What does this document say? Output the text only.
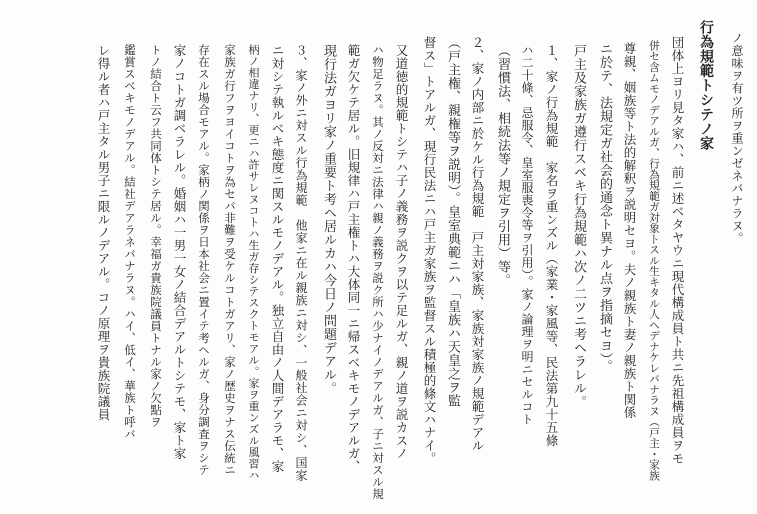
ノ意味ヲ有ツ所ヲ重ンゼネバナラヌ。
行為規範トシテノ家
団体上ヨリ見タ家ハ、前ニ述ベタヤウニ現代構成員ト共ニ先祖構成員ヲモ
併セ含ムモノデアルガ、行為規範ガ対象トスル生キタル人ヘデナケレバナラヌ（戸主・家族
尊親、姻族等ト法的解釈ヲ説明セヨ。夫ノ親族ト妻ノ親族ト関係
ニ於テ、法規定ガ社会的通念ト異ナル点ヲ指摘セヨ）。
戸主及家族ガ遵行スベキ行為規範ハ次ノ二ツニ考ヘラレル。
１、家ノ行為規範　家名ヲ重ンズル（家業・家風等、民法第九十五條
ハ二十條、忌服令、皇室服喪令等ヲ引用）。家ノ論理ヲ明ニセルコト
（習慣法、相続法等ノ規定ヲ引用）等。
２、家ノ内部ニ於ケル行為規範　戸主対家族、家族対家族ノ規範デアル
（戸主権、親権等ヲ説明）。皇室典範ニハ「皇族ハ天皇之ヲ監
督ス」トアルガ、現行民法ニハ戸主ガ家族ヲ監督スル積極的條文ハナイ。
又道徳的規範トシテハ子ノ義務ヲ説クヲ以テ足ルガ、親ノ道ヲ説カスノ
ハ物足ラヌ。其ノ反対ニ法律ハ親ノ義務ヲ説ク所ハ少ナイノデアルガ、子ニ対スル規
範ガ欠ケテ居ル。旧規律ハ戸主権トハ大体同一ニ帰スベキモノデアルガ、
現行法ガヨリ家ノ重要ト考ヘ居ルカハ今日ノ問題デアル。
３、家ノ外ニ対スル行為規範　他家ニ在ル親族ニ対シ、一般社会ニ対シ、国家
ニ対シテ執ルベキ態度ニ関スルモノデアル。独立自由ノ人間デアラモ、家
柄ノ相違ナリ、更ニハ許サレヌコトハ生ガ存シテスクトモアル。家ヲ重ンズル風習ハ
家族ガ行フヲヨイコトヲ為セバ非難ヲ受ケルコトガアリ、家ノ歴史ヲナス伝統ニ
存在スル場合モアル。家柄ノ関係ヲ日本社会ニ置イテ考ヘルガ、身分調査ヲシテ
家ノコトガ調ベラレル。婚姻ハ一男一女ノ結合デアルトシテモ、家ト家
トノ結合ト云フ共同体トシテ居ル。幸福ガ貴族院議員トナル家ノ欠點ヲ
鑑賞スベキモノデアル。結社デアラネバナラヌ。ハイ、低イ、華族ト呼バ
レ得ル者ハ戸主タル男子ニ限ルノデアル。コノ原理ヲ貴族院議員
